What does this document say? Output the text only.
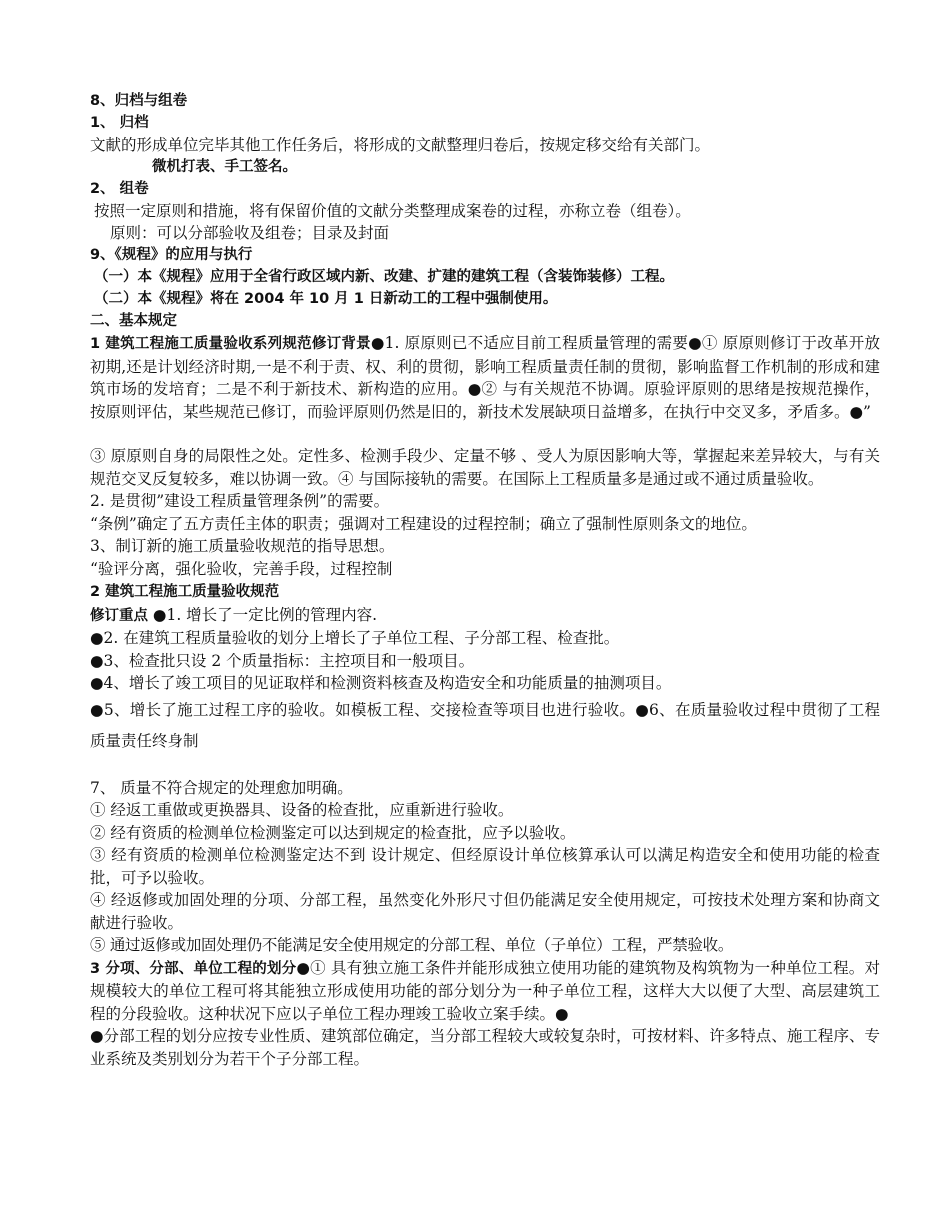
8、归档与组卷
1、 归档
文献的形成单位完毕其他工作任务后，将形成的文献整理归卷后，按规定移交给有关部门。
微机打表、手工签名。
2、 组卷
按照一定原则和措施，将有保留价值的文献分类整理成案卷的过程，亦称立卷（组卷）。
原则：可以分部验收及组卷；目录及封面
9、《规程》的应用与执行
（一）本《规程》应用于全省行政区域内新、改建、扩建的建筑工程（含装饰装修）工程。
（二）本《规程》将在 2004 年 10 月 1 日新动工的工程中强制使用。
二、基本规定
1 建筑工程施工质量验收系列规范修订背景●1. 原原则已不适应目前工程质量管理的需要●① 原原则修订于改革开放初期,还是计划经济时期,一是不利于责、权、利的贯彻，影响工程质量责任制的贯彻，影响监督工作机制的形成和建筑市场的发培育；二是不利于新技术、新构造的应用。●② 与有关规范不协调。原验评原则的思绪是按规范操作，按原则评估，某些规范已修订，而验评原则仍然是旧的，新技术发展缺项日益增多，在执行中交叉多，矛盾多。●”
③ 原原则自身的局限性之处。定性多、检测手段少、定量不够 、受人为原因影响大等，掌握起来差异较大，与有关规范交叉反复较多，难以协调一致。④ 与国际接轨的需要。在国际上工程质量多是通过或不通过质量验收。
2. 是贯彻”建设工程质量管理条例”的需要。
“条例”确定了五方责任主体的职责；强调对工程建设的过程控制；确立了强制性原则条文的地位。
3、制订新的施工质量验收规范的指导思想。
“验评分离，强化验收，完善手段，过程控制
2 建筑工程施工质量验收规范
修订重点 ●1. 增长了一定比例的管理内容.
●2. 在建筑工程质量验收的划分上增长了子单位工程、子分部工程、检查批。
●3、检查批只设 2 个质量指标：主控项目和一般项目。
●4、增长了竣工项目的见证取样和检测资料核查及构造安全和功能质量的抽测项目。
●5、增长了施工过程工序的验收。如模板工程、交接检查等项目也进行验收。●6、在质量验收过程中贯彻了工程质量责任终身制
7、 质量不符合规定的处理愈加明确。
① 经返工重做或更换器具、设备的检查批，应重新进行验收。
② 经有资质的检测单位检测鉴定可以达到规定的检查批，应予以验收。
③ 经有资质的检测单位检测鉴定达不到 设计规定、但经原设计单位核算承认可以满足构造安全和使用功能的检查批，可予以验收。
④ 经返修或加固处理的分项、分部工程，虽然变化外形尺寸但仍能满足安全使用规定，可按技术处理方案和协商文献进行验收。
⑤ 通过返修或加固处理仍不能满足安全使用规定的分部工程、单位（子单位）工程，严禁验收。
3 分项、分部、单位工程的划分●① 具有独立施工条件并能形成独立使用功能的建筑物及构筑物为一种单位工程。对规模较大的单位工程可将其能独立形成使用功能的部分划分为一种子单位工程，这样大大以便了大型、高层建筑工程的分段验收。这种状况下应以子单位工程办理竣工验收立案手续。●
●分部工程的划分应按专业性质、建筑部位确定，当分部工程较大或较复杂时，可按材料、许多特点、施工程序、专业系统及类别划分为若干个子分部工程。
